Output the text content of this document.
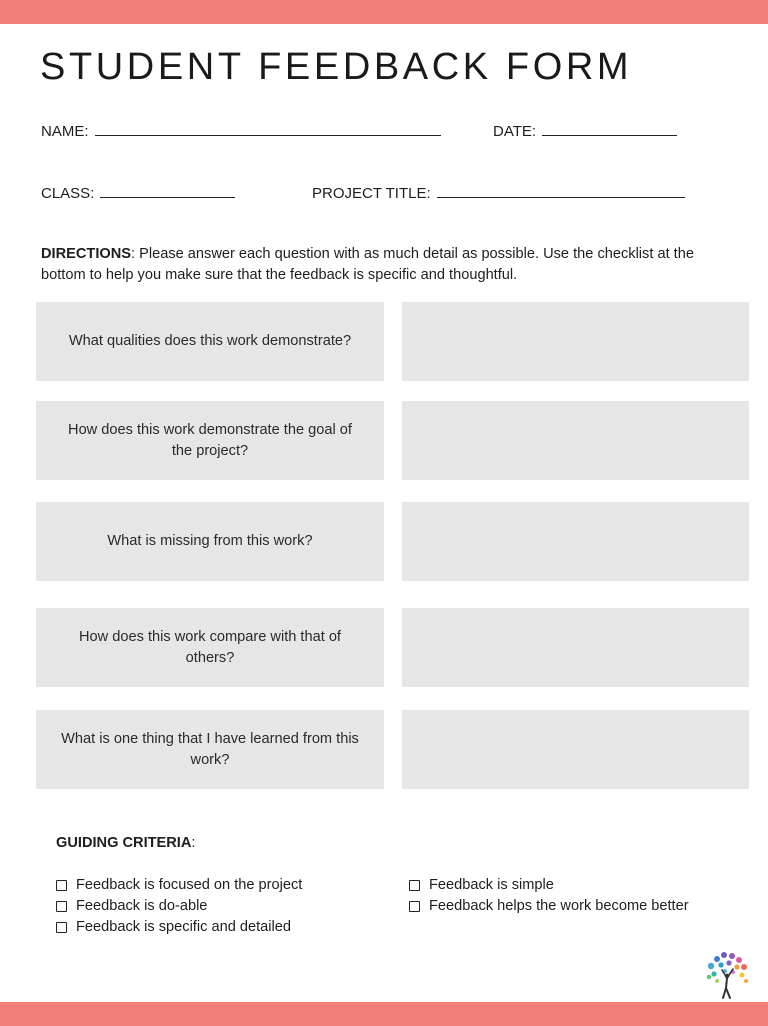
STUDENT FEEDBACK FORM
NAME:	DATE:
CLASS:	PROJECT TITLE:
DIRECTIONS: Please answer each question with as much detail as possible. Use the checklist at the bottom to help you make sure that the feedback is specific and thoughtful.
What qualities does this work demonstrate?
How does this work demonstrate the goal of the project?
What is missing from this work?
How does this work compare with that of others?
What is one thing that I have learned from this work?
GUIDING CRITERIA:
Feedback is focused on the project
Feedback is do-able
Feedback is specific and detailed
Feedback is simple
Feedback helps the work become better
